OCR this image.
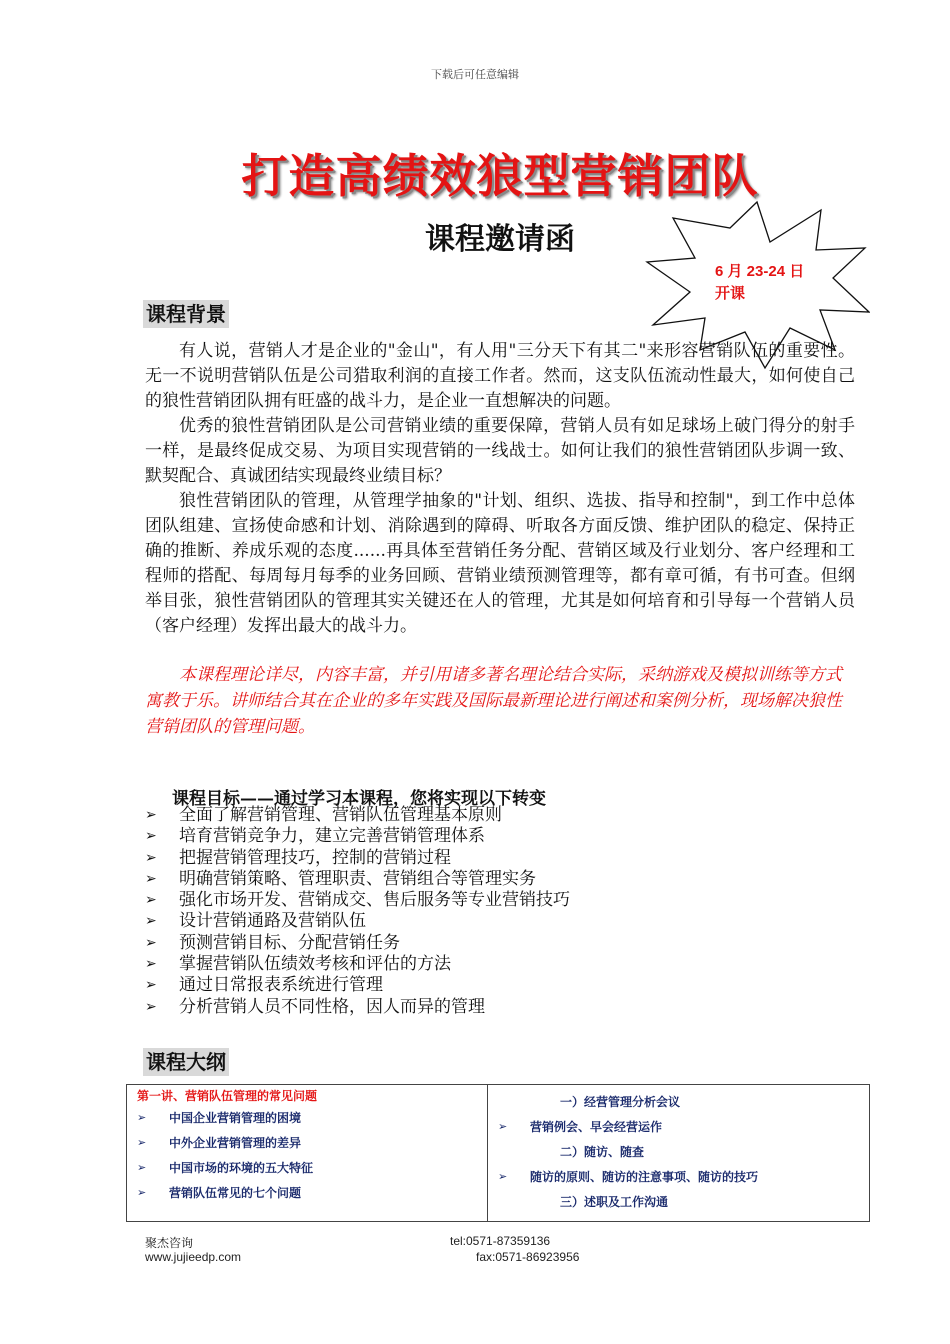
下载后可任意编辑
打造高绩效狼型营销团队
课程邀请函
6 月 23-24 日
开课
课程背景
有人说，营销人才是企业的"金山"，有人用"三分天下有其二"来形容营销队伍的重要性。无一不说明营销队伍是公司猎取利润的直接工作者。然而，这支队伍流动性最大，如何使自己的狼性营销团队拥有旺盛的战斗力，是企业一直想解决的问题。
优秀的狼性营销团队是公司营销业绩的重要保障，营销人员有如足球场上破门得分的射手一样，是最终促成交易、为项目实现营销的一线战士。如何让我们的狼性营销团队步调一致、默契配合、真诚团结实现最终业绩目标？
狼性营销团队的管理，从管理学抽象的"计划、组织、选拔、指导和控制"，到工作中总体团队组建、宣扬使命感和计划、消除遇到的障碍、听取各方面反馈、维护团队的稳定、保持正确的推断、养成乐观的态度......再具体至营销任务分配、营销区域及行业划分、客户经理和工程师的搭配、每周每月每季的业务回顾、营销业绩预测管理等，都有章可循，有书可查。但纲举目张，狼性营销团队的管理其实关键还在人的管理，尤其是如何培育和引导每一个营销人员（客户经理）发挥出最大的战斗力。
本课程理论详尽，内容丰富，并引用诸多著名理论结合实际，采纳游戏及模拟训练等方式寓教于乐。讲师结合其在企业的多年实践及国际最新理论进行阐述和案例分析，现场解决狼性营销团队的管理问题。
课程目标——通过学习本课程，您将实现以下转变
➢	全面了解营销管理、营销队伍管理基本原则
➢	培育营销竞争力，建立完善营销管理体系
➢	把握营销管理技巧，控制的营销过程
➢	明确营销策略、管理职责、营销组合等管理实务
➢	强化市场开发、营销成交、售后服务等专业营销技巧
➢	设计营销通路及营销队伍
➢	预测营销目标、分配营销任务
➢	掌握营销队伍绩效考核和评估的方法
➢	通过日常报表系统进行管理
➢	分析营销人员不同性格，因人而异的管理
课程大纲
第一讲、营销队伍管理的常见问题
➢	中国企业营销管理的困境
➢	中外企业营销管理的差异
➢	中国市场的环境的五大特征
➢	营销队伍常见的七个问题
一）经营管理分析会议
➢	营销例会、早会经营运作
二）随访、随查
➢	随访的原则、随访的注意事项、随访的技巧
三）述职及工作沟通
聚杰咨询
www.jujieedp.com
tel:0571-87359136
fax:0571-86923956
